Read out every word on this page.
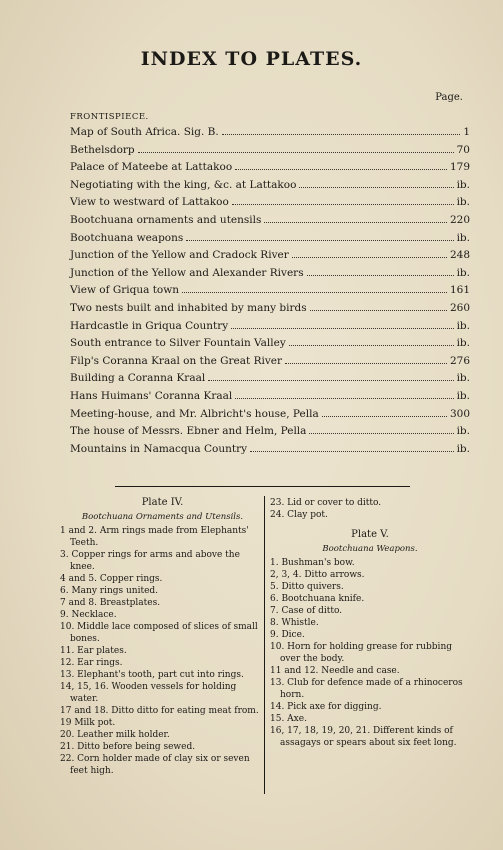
INDEX TO PLATES.
Page.
FRONTISPIECE.
Map of South Africa. Sig. B.	1
Bethelsdorp	70
Palace of Mateebe at Lattakoo	179
Negotiating with the king, &c. at Lattakoo	ib.
View to westward of Lattakoo	ib.
Bootchuana ornaments and utensils	220
Bootchuana weapons	ib.
Junction of the Yellow and Cradock River	248
Junction of the Yellow and Alexander Rivers	ib.
View of Griqua town	161
Two nests built and inhabited by many birds	260
Hardcastle in Griqua Country	ib.
South entrance to Silver Fountain Valley	ib.
Filp's Coranna Kraal on the Great River	276
Building a Coranna Kraal	ib.
Hans Huimans' Coranna Kraal	ib.
Meeting-house, and Mr. Albricht's house, Pella	300
The house of Messrs. Ebner and Helm, Pella	ib.
Mountains in Namacqua Country	ib.
Plate IV.
Bootchuana Ornaments and Utensils.

1 and 2. Arm rings made from Elephants' Teeth.

3. Copper rings for arms and above the knee.

4 and 5. Copper rings.

6. Many rings united.

7 and 8. Breastplates.

9. Necklace.

10. Middle lace composed of slices of small bones.

11. Ear plates.

12. Ear rings.

13. Elephant's tooth, part cut into rings.

14, 15, 16. Wooden vessels for holding water.

17 and 18. Ditto ditto for eating meat from.

19 Milk pot.

20. Leather milk holder.

21. Ditto before being sewed.

22. Corn holder made of clay six or seven feet high.

23. Lid or cover to ditto.

24. Clay pot.

Plate V.
Bootchuana Weapons.

1. Bushman's bow.

2, 3, 4. Ditto arrows.

5. Ditto quivers.

6. Bootchuana knife.

7. Case of ditto.

8. Whistle.

9. Dice.

10. Horn for holding grease for rubbing over the body.

11 and 12. Needle and case.

13. Club for defence made of a rhinoceros horn.

14. Pick axe for digging.

15. Axe.

16, 17, 18, 19, 20, 21. Different kinds of assagays or spears about six feet long.
